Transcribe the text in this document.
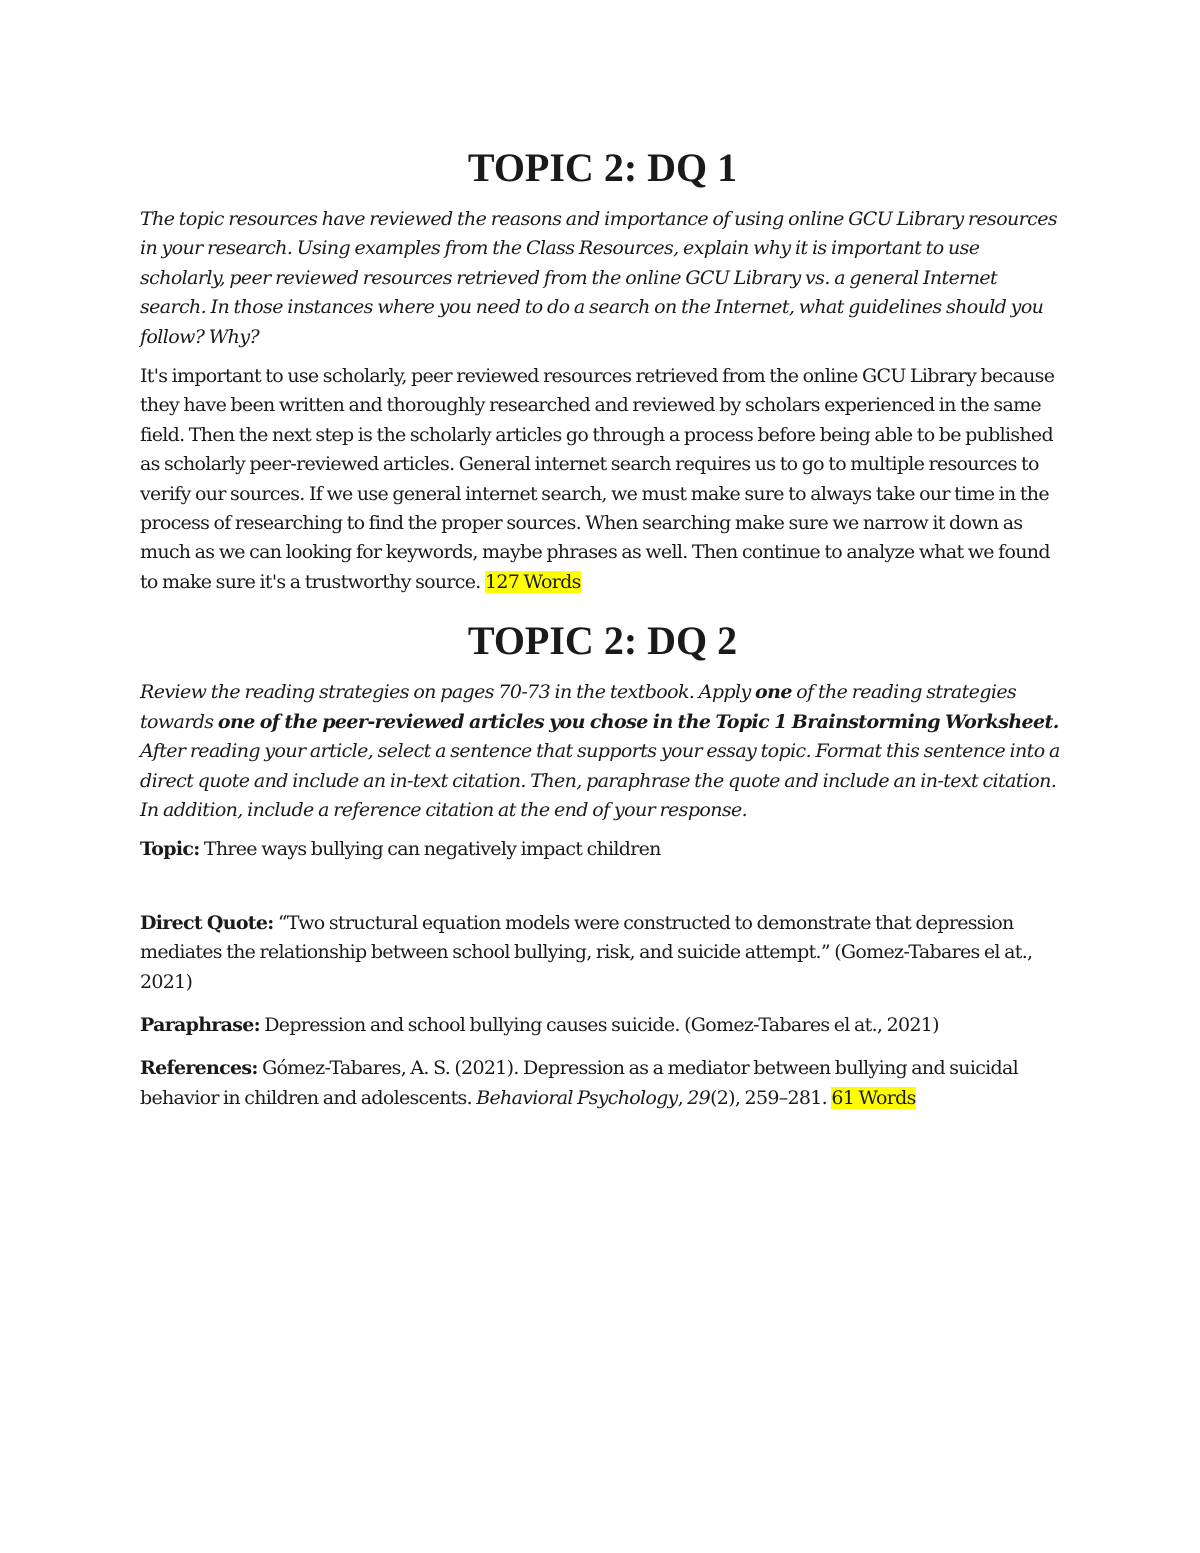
TOPIC 2: DQ 1

The topic resources have reviewed the reasons and importance of using online GCU Library resources in your research. Using examples from the Class Resources, explain why it is important to use scholarly, peer reviewed resources retrieved from the online GCU Library vs. a general Internet search. In those instances where you need to do a search on the Internet, what guidelines should you follow? Why?

It's important to use scholarly, peer reviewed resources retrieved from the online GCU Library because they have been written and thoroughly researched and reviewed by scholars experienced in the same field. Then the next step is the scholarly articles go through a process before being able to be published as scholarly peer-reviewed articles. General internet search requires us to go to multiple resources to verify our sources. If we use general internet search, we must make sure to always take our time in the process of researching to find the proper sources. When searching make sure we narrow it down as much as we can looking for keywords, maybe phrases as well. Then continue to analyze what we found to make sure it's a trustworthy source. 127 Words

TOPIC 2: DQ 2

Review the reading strategies on pages 70-73 in the textbook. Apply one of the reading strategies towards one of the peer-reviewed articles you chose in the Topic 1 Brainstorming Worksheet. After reading your article, select a sentence that supports your essay topic. Format this sentence into a direct quote and include an in-text citation. Then, paraphrase the quote and include an in-text citation. In addition, include a reference citation at the end of your response.

Topic: Three ways bullying can negatively impact children

Direct Quote: “Two structural equation models were constructed to demonstrate that depression mediates the relationship between school bullying, risk, and suicide attempt.” (Gomez-Tabares el at., 2021)

Paraphrase: Depression and school bullying causes suicide. (Gomez-Tabares el at., 2021)

References: Gómez-Tabares, A. S. (2021). Depression as a mediator between bullying and suicidal behavior in children and adolescents. Behavioral Psychology, 29(2), 259–281. 61 Words
